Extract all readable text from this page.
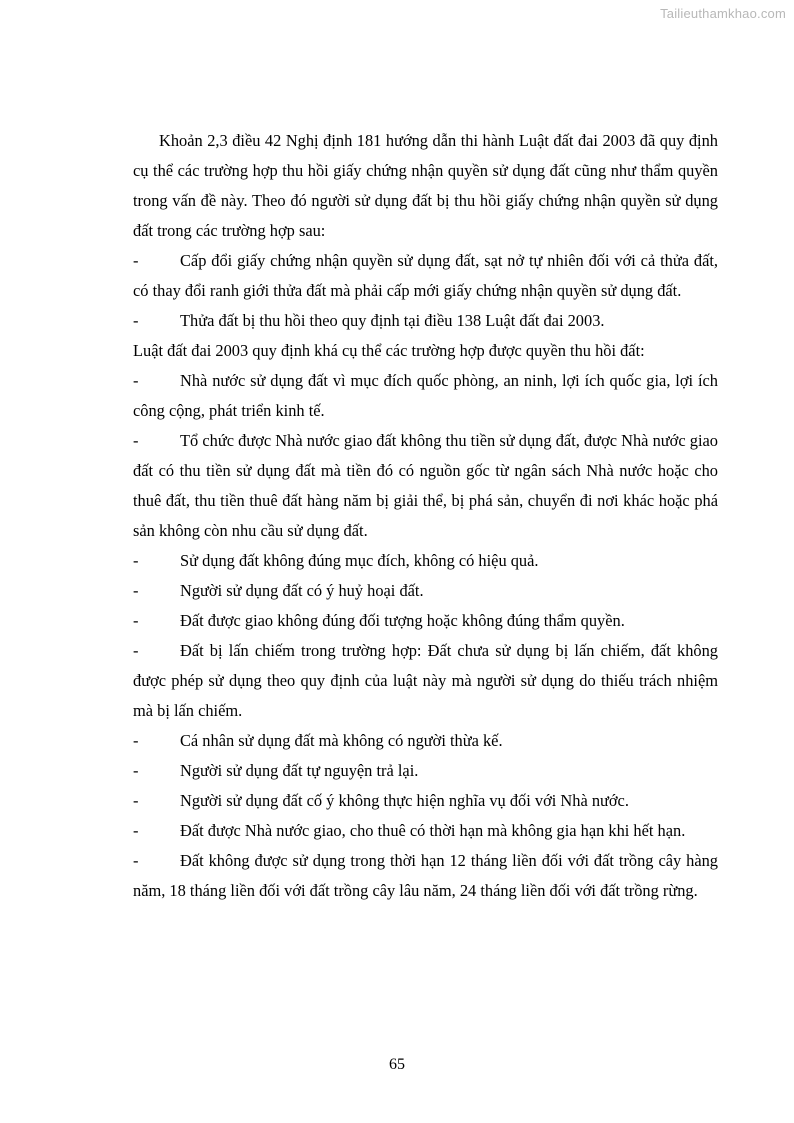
Tailieuthamkhao.com

Khoản 2,3 điều 42 Nghị định 181 hướng dẫn thi hành Luật đất đai 2003 đã quy định cụ thể các trường hợp thu hồi giấy chứng nhận quyền sử dụng đất cũng như thẩm quyền trong vấn đề này. Theo đó người sử dụng đất bị thu hồi giấy chứng nhận quyền sử dụng đất trong các trường hợp sau:

-	Cấp đổi giấy chứng nhận quyền sử dụng đất, sạt nở tự nhiên đối với cả thửa đất, có thay đổi ranh giới thửa đất mà phải cấp mới giấy chứng nhận quyền sử dụng đất.

-	Thửa đất bị thu hồi theo quy định tại điều 138 Luật đất đai 2003.

Luật đất đai 2003 quy định khá cụ thể các trường hợp được quyền thu hồi đất:

-	Nhà nước sử dụng đất vì mục đích quốc phòng, an ninh, lợi ích quốc gia, lợi ích công cộng, phát triển kinh tế.

-	Tổ chức được Nhà nước giao đất không thu tiền sử dụng đất, được Nhà nước giao đất có thu tiền sử dụng đất mà tiền đó có nguồn gốc từ ngân sách Nhà nước hoặc cho thuê đất, thu tiền thuê đất hàng năm bị giải thể, bị phá sản, chuyển đi nơi khác hoặc phá sản không còn nhu cầu sử dụng đất.

-	Sử dụng đất không đúng mục đích, không có hiệu quả.

-	Người sử dụng đất có ý huỷ hoại đất.

-	Đất được giao không đúng đối tượng hoặc không đúng thẩm quyền.

-	Đất bị lấn chiếm trong trường hợp: Đất chưa sử dụng bị lấn chiếm, đất không được phép sử dụng theo quy định của luật này mà người sử dụng do thiếu trách nhiệm mà bị lấn chiếm.

-	Cá nhân sử dụng đất mà không có người thừa kế.

-	Người sử dụng đất tự nguyện trả lại.

-	Người sử dụng đất cố ý không thực hiện nghĩa vụ đối với Nhà nước.

-	Đất được Nhà nước giao, cho thuê có thời hạn mà không gia hạn khi hết hạn.

-	Đất không được sử dụng trong thời hạn 12 tháng liền đối với đất trồng cây hàng năm, 18 tháng liền đối với đất trồng cây lâu năm, 24 tháng liền đối với đất trồng rừng.

65
